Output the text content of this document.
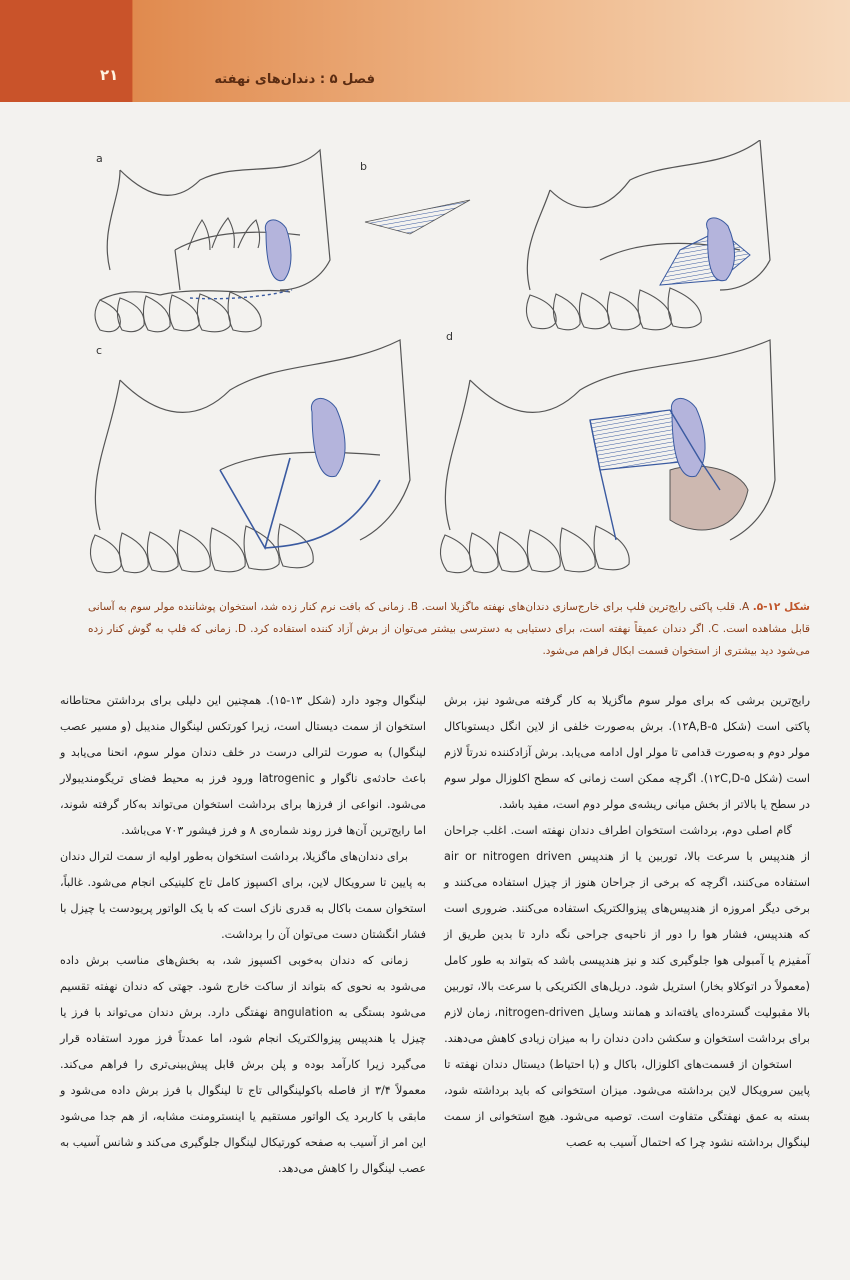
۲۱	فصل ۵ : دندان‌های نهفته
a
b
c
d
شکل ۱۲-۵. A. قلب پاکتی رایج‌ترین فلپ برای خارج‌سازی دندان‌های نهفته ماگزیلا است. B. زمانی که بافت نرم کنار زده شد، استخوان پوشاننده مولر سوم به آسانی قابل مشاهده است. C. اگر دندان عمیقاً نهفته است، برای دستیابی به دسترسی بیشتر می‌توان از برش آزاد کننده استفاده کرد. D. زمانی که فلپ به گوش کنار زده می‌شود دید بیشتری از استخوان قسمت ابکال فراهم می‌شود.

رایج‌ترین برشی که برای مولر سوم ماگزیلا به کار گرفته می‌شود نیز، برش پاکتی است (شکل ۱۲A,B-۵). برش به‌صورت خلفی از لاین انگل دیستوباکال مولر دوم و به‌صورت قدامی تا مولر اول ادامه می‌یابد. برش آزادکننده ندرتاً لازم است (شکل ۱۲C,D-۵). اگرچه ممکن است زمانی که سطح اکلوزال مولر سوم در سطح یا بالاتر از بخش میانی ریشه‌ی مولر دوم است، مفید باشد.

گام اصلی دوم، برداشت استخوان اطراف دندان نهفته است. اغلب جراحان از هندپیس با سرعت بالا، توربین یا از هندپیس air or nitrogen driven استفاده می‌کنند، اگرچه که برخی از جراحان هنوز از چیزل استفاده می‌کنند و برخی دیگر امروزه از هندپیس‌های پیزوالکتریک استفاده می‌کنند. ضروری است که هندپیس، فشار هوا را دور از ناحیه‌ی جراحی نگه دارد تا بدین طریق از آمفیزم یا آمبولی هوا جلوگیری کند و نیز هندپیسی باشد که بتواند به طور کامل (معمولاً در اتوکلاو بخار) استریل شود. دریل‌های الکتریکی با سرعت بالا، توربین بالا مقبولیت گسترده‌ای یافته‌اند و همانند وسایل nitrogen-driven، زمان لازم برای برداشت استخوان و سکشن دادن دندان را به میزان زیادی کاهش می‌دهند.

استخوان از قسمت‌های اکلوزال، باکال و (با احتیاط) دیستال دندان نهفته تا پایین سرویکال لاین برداشته می‌شود. میزان استخوانی که باید برداشته شود، بسته به عمق نهفتگی متفاوت است. توصیه می‌شود. هیچ استخوانی از سمت لینگوال برداشته نشود چرا که احتمال آسیب به عصب

لینگوال وجود دارد (شکل ۱۳-۱۵). همچنین این دلیلی برای برداشتن محتاطانه استخوان از سمت دیستال است، زیرا کورتکس لینگوال مندیبل (و مسیر عصب لینگوال) به صورت لترالی درست در خلف دندان مولر سوم، انحنا می‌یابد و باعث حادثه‌ی ناگوار و latrogenic ورود فرز به محیط فضای تریگومندیبولار می‌شود. انواعی از فرزها برای برداشت استخوان می‌تواند به‌کار گرفته شوند، اما رایج‌ترین آن‌ها فرز روند شماره‌ی ۸ و فرز فیشور ۷۰۳ می‌باشد.

برای دندان‌های ماگزیلا، برداشت استخوان به‌طور اولیه از سمت لترال دندان به پایین تا سرویکال لاین، برای اکسپوز کامل تاج کلینیکی انجام می‌شود. غالباً، استخوان سمت باکال به قدری نازک است که با یک الواتور پریودست یا چیزل با فشار انگشتان دست می‌توان آن را برداشت.

زمانی که دندان به‌خوبی اکسپوز شد، به بخش‌های مناسب برش داده می‌شود به نحوی که بتواند از ساکت خارج شود. جهتی که دندان نهفته تقسیم می‌شود بستگی به angulation نهفتگی دارد. برش دندان می‌تواند با فرز یا چیزل یا هندپیس پیزوالکتریک انجام شود، اما عمدتاً فرز مورد استفاده قرار می‌گیرد زیرا کارآمد بوده و پلن برش قابل پیش‌بینی‌تری را فراهم می‌کند. معمولاً ۳/۴ از فاصله باکولینگوالی تاج تا لینگوال با فرز برش داده می‌شود و مابقی با کاربرد یک الواتور مستقیم یا اینسترومنت مشابه، از هم جدا می‌شود این امر از آسیب به صفحه کورتیکال لینگوال جلوگیری می‌کند و شانس آسیب به عصب لینگوال را کاهش می‌دهد.
